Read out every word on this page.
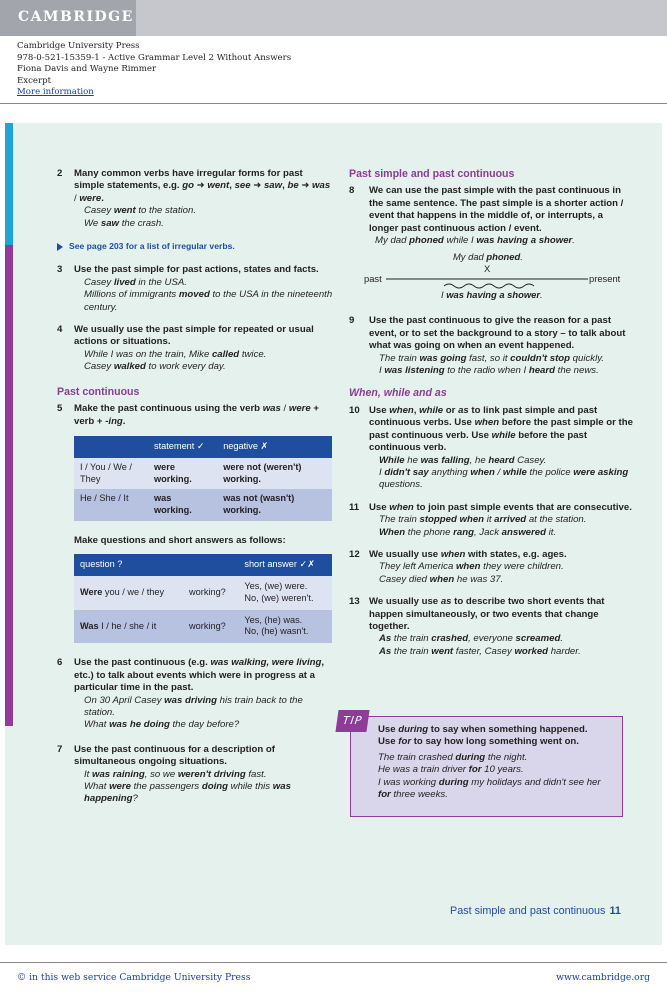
CAMBRIDGE
Cambridge University Press
978-0-521-15359-1 - Active Grammar Level 2 Without Answers
Fiona Davis and Wayne Rimmer
Excerpt
More information
2 Many common verbs have irregular forms for past simple statements, e.g. go ➜ went, see ➜ saw, be ➜ was / were.
Casey went to the station.
We saw the crash.
See page 203 for a list of irregular verbs.
3 Use the past simple for past actions, states and facts.
Casey lived in the USA.
Millions of immigrants moved to the USA in the nineteenth century.
4 We usually use the past simple for repeated or usual actions or situations.
While I was on the train, Mike called twice.
Casey walked to work every day.
Past continuous
5 Make the past continuous using the verb was / were + verb + -ing.
	statement ✓	negative ✗
I / You / We / They	were working.	were not (weren't) working.
He / She / It	was working.	was not (wasn't) working.
Make questions and short answers as follows:
question ?		short answer ✓✗
Were you / we / they	working?	Yes, (we) were.
No, (we) weren't.
Was I / he / she / it	working?	Yes, (he) was.
No, (he) wasn't.
6 Use the past continuous (e.g. was walking, were living, etc.) to talk about events which were in progress at a particular time in the past.
On 30 April Casey was driving his train back to the station.
What was he doing the day before?
7 Use the past continuous for a description of simultaneous ongoing situations.
It was raining, so we weren't driving fast.
What were the passengers doing while this was happening?
Past simple and past continuous
8 We can use the past simple with the past continuous in the same sentence. The past simple is a shorter action / event that happens in the middle of, or interrupts, a longer past continuous action / event.
My dad phoned while I was having a shower.
My dad phoned.
X
past	present
I was having a shower.
9 Use the past continuous to give the reason for a past event, or to set the background to a story – to talk about what was going on when an event happened.
The train was going fast, so it couldn't stop quickly.
I was listening to the radio when I heard the news.
When, while and as
10 Use when, while or as to link past simple and past continuous verbs. Use when before the past simple or the past continuous verb. Use while before the past continuous verb.
While he was falling, he heard Casey.
I didn't say anything when / while the police were asking questions.
11 Use when to join past simple events that are consecutive.
The train stopped when it arrived at the station.
When the phone rang, Jack answered it.
12 We usually use when with states, e.g. ages.
They left America when they were children.
Casey died when he was 37.
13 We usually use as to describe two short events that happen simultaneously, or two events that change together.
As the train crashed, everyone screamed.
As the train went faster, Casey worked harder.
TIP
Use during to say when something happened.
Use for to say how long something went on.
The train crashed during the night.
He was a train driver for 10 years.
I was working during my holidays and didn't see her for three weeks.
Past simple and past continuous 11
© in this web service Cambridge University Press	www.cambridge.org
